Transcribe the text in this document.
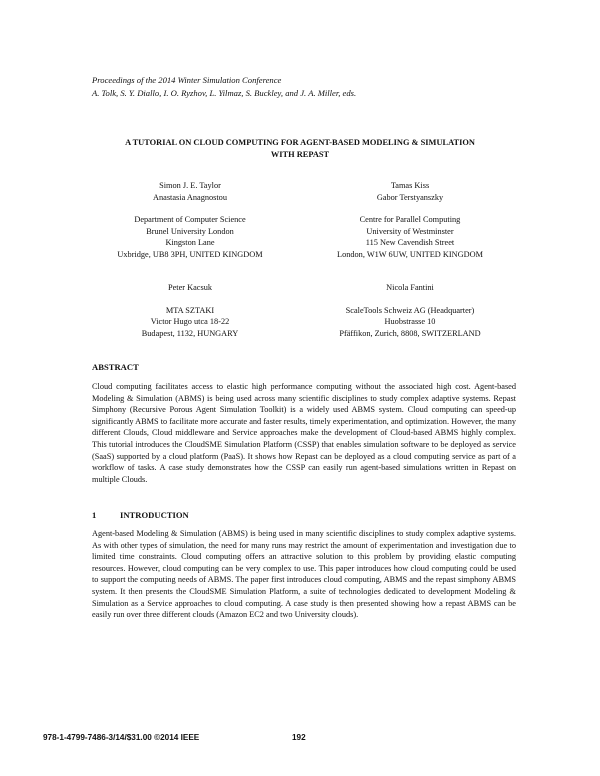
Proceedings of the 2014 Winter Simulation Conference
A. Tolk, S. Y. Diallo, I. O. Ryzhov, L. Yilmaz, S. Buckley, and J. A. Miller, eds.
A TUTORIAL ON CLOUD COMPUTING FOR AGENT-BASED MODELING & SIMULATION
WITH REPAST
Simon J. E. Taylor
Anastasia Anagnostou
Department of Computer Science
Brunel University London
Kingston Lane
Uxbridge, UB8 3PH, UNITED KINGDOM
Tamas Kiss
Gabor Terstyanszky
Centre for Parallel Computing
University of Westminster
115 New Cavendish Street
London, W1W 6UW, UNITED KINGDOM
Peter Kacsuk
MTA SZTAKI
Victor Hugo utca 18-22
Budapest, 1132, HUNGARY
Nicola Fantini
ScaleTools Schweiz AG (Headquarter)
Huobstrasse 10
Pfäffikon, Zurich, 8808, SWITZERLAND
ABSTRACT
Cloud computing facilitates access to elastic high performance computing without the associated high cost. Agent-based Modeling & Simulation (ABMS) is being used across many scientific disciplines to study complex adaptive systems. Repast Simphony (Recursive Porous Agent Simulation Toolkit) is a widely used ABMS system. Cloud computing can speed-up significantly ABMS to facilitate more accurate and faster results, timely experimentation, and optimization. However, the many different Clouds, Cloud middleware and Service approaches make the development of Cloud-based ABMS highly complex. This tutorial introduces the CloudSME Simulation Platform (CSSP) that enables simulation software to be deployed as service (SaaS) supported by a cloud platform (PaaS). It shows how Repast can be deployed as a cloud computing service as part of a workflow of tasks. A case study demonstrates how the CSSP can easily run agent-based simulations written in Repast on multiple Clouds.
1	INTRODUCTION
Agent-based Modeling & Simulation (ABMS) is being used in many scientific disciplines to study complex adaptive systems. As with other types of simulation, the need for many runs may restrict the amount of experimentation and investigation due to limited time constraints. Cloud computing offers an attractive solution to this problem by providing elastic computing resources. However, cloud computing can be very complex to use. This paper introduces how cloud computing could be used to support the computing needs of ABMS. The paper first introduces cloud computing, ABMS and the repast simphony ABMS system. It then presents the CloudSME Simulation Platform, a suite of technologies dedicated to development Modeling & Simulation as a Service approaches to cloud computing. A case study is then presented showing how a repast ABMS can be easily run over three different clouds (Amazon EC2 and two University clouds).
978-1-4799-7486-3/14/$31.00 ©2014 IEEE	192
